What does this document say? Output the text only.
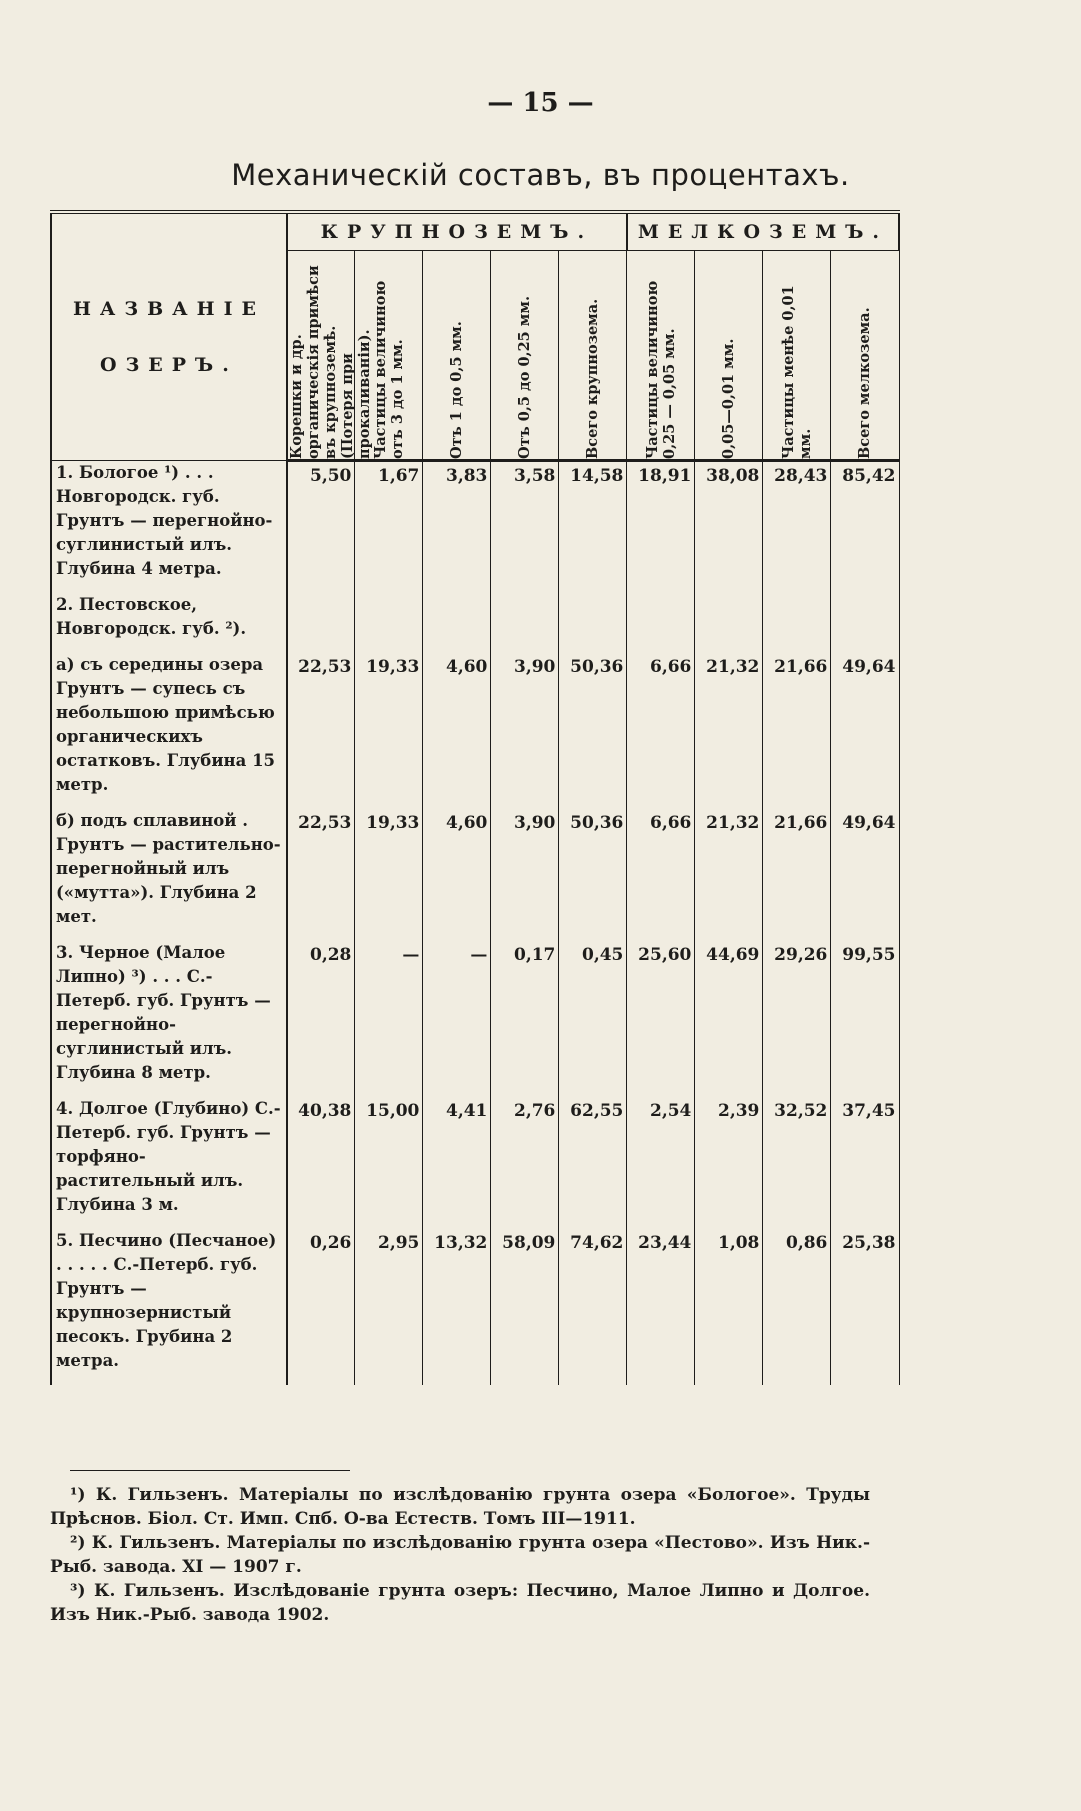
— 15 —
Механическій составъ, въ процентахъ.
НАЗВАНІЕ
ОЗЕРЪ.	КРУПНОЗЕМЪ.					МЕЛКОЗЕМЪ.			

	Корешки и др. органическія примѣси въ крупноземѣ. (Потеря при прокаливаніи).	Частицы величиною отъ 3 до 1 мм.	Отъ 1 до 0,5 мм.	Отъ 0,5 до 0,25 мм.	Всего крупнозема.	Частицы величиною 0,25 — 0,05 мм.	0,05—0,01 мм.	Частицы менѣе 0,01 мм.	Всего мелкозема.

1. Бологое ¹) . . . Новгородск. губ. Грунтъ — перегнойно-суглинистый илъ. Глубина 4 метра.	5,50	1,67	3,83	3,58	14,58	18,91	38,08	28,43	85,42
2. Пестовское, Новгородск. губ. ²).									
а) съ середины озера Грунтъ — супесь съ небольшою примѣсью органическихъ остатковъ. Глубина 15 метр.	22,53	19,33	4,60	3,90	50,36	6,66	21,32	21,66	49,64
б) подъ сплавиной . Грунтъ — растительно-перегнойный илъ («мутта»). Глубина 2 мет.	22,53	19,33	4,60	3,90	50,36	6,66	21,32	21,66	49,64
3. Черное (Малое Липно) ³) . . . С.-Петерб. губ. Грунтъ — перегнойно-суглинистый илъ. Глубина 8 метр.	0,28	—	—	0,17	0,45	25,60	44,69	29,26	99,55
4. Долгое (Глубино) С.-Петерб. губ. Грунтъ — торфяно-растительный илъ. Глубина 3 м.	40,38	15,00	4,41	2,76	62,55	2,54	2,39	32,52	37,45
5. Песчино (Песчаное) . . . . . С.-Петерб. губ. Грунтъ — крупнозернистый песокъ. Грубина 2 метра.	0,26	2,95	13,32	58,09	74,62	23,44	1,08	0,86	25,38

¹) К. Гильзенъ. Матеріалы по изслѣдованію грунта озера «Бологое». Труды Прѣснов. Біол. Ст. Имп. Спб. О-ва Естеств. Томъ III—1911.

²) К. Гильзенъ. Матеріалы по изслѣдованію грунта озера «Пестово». Изъ Ник.-Рыб. завода. XI — 1907 г.

³) К. Гильзенъ. Изслѣдованіе грунта озеръ: Песчино, Малое Липно и Долгое. Изъ Ник.-Рыб. завода 1902.
